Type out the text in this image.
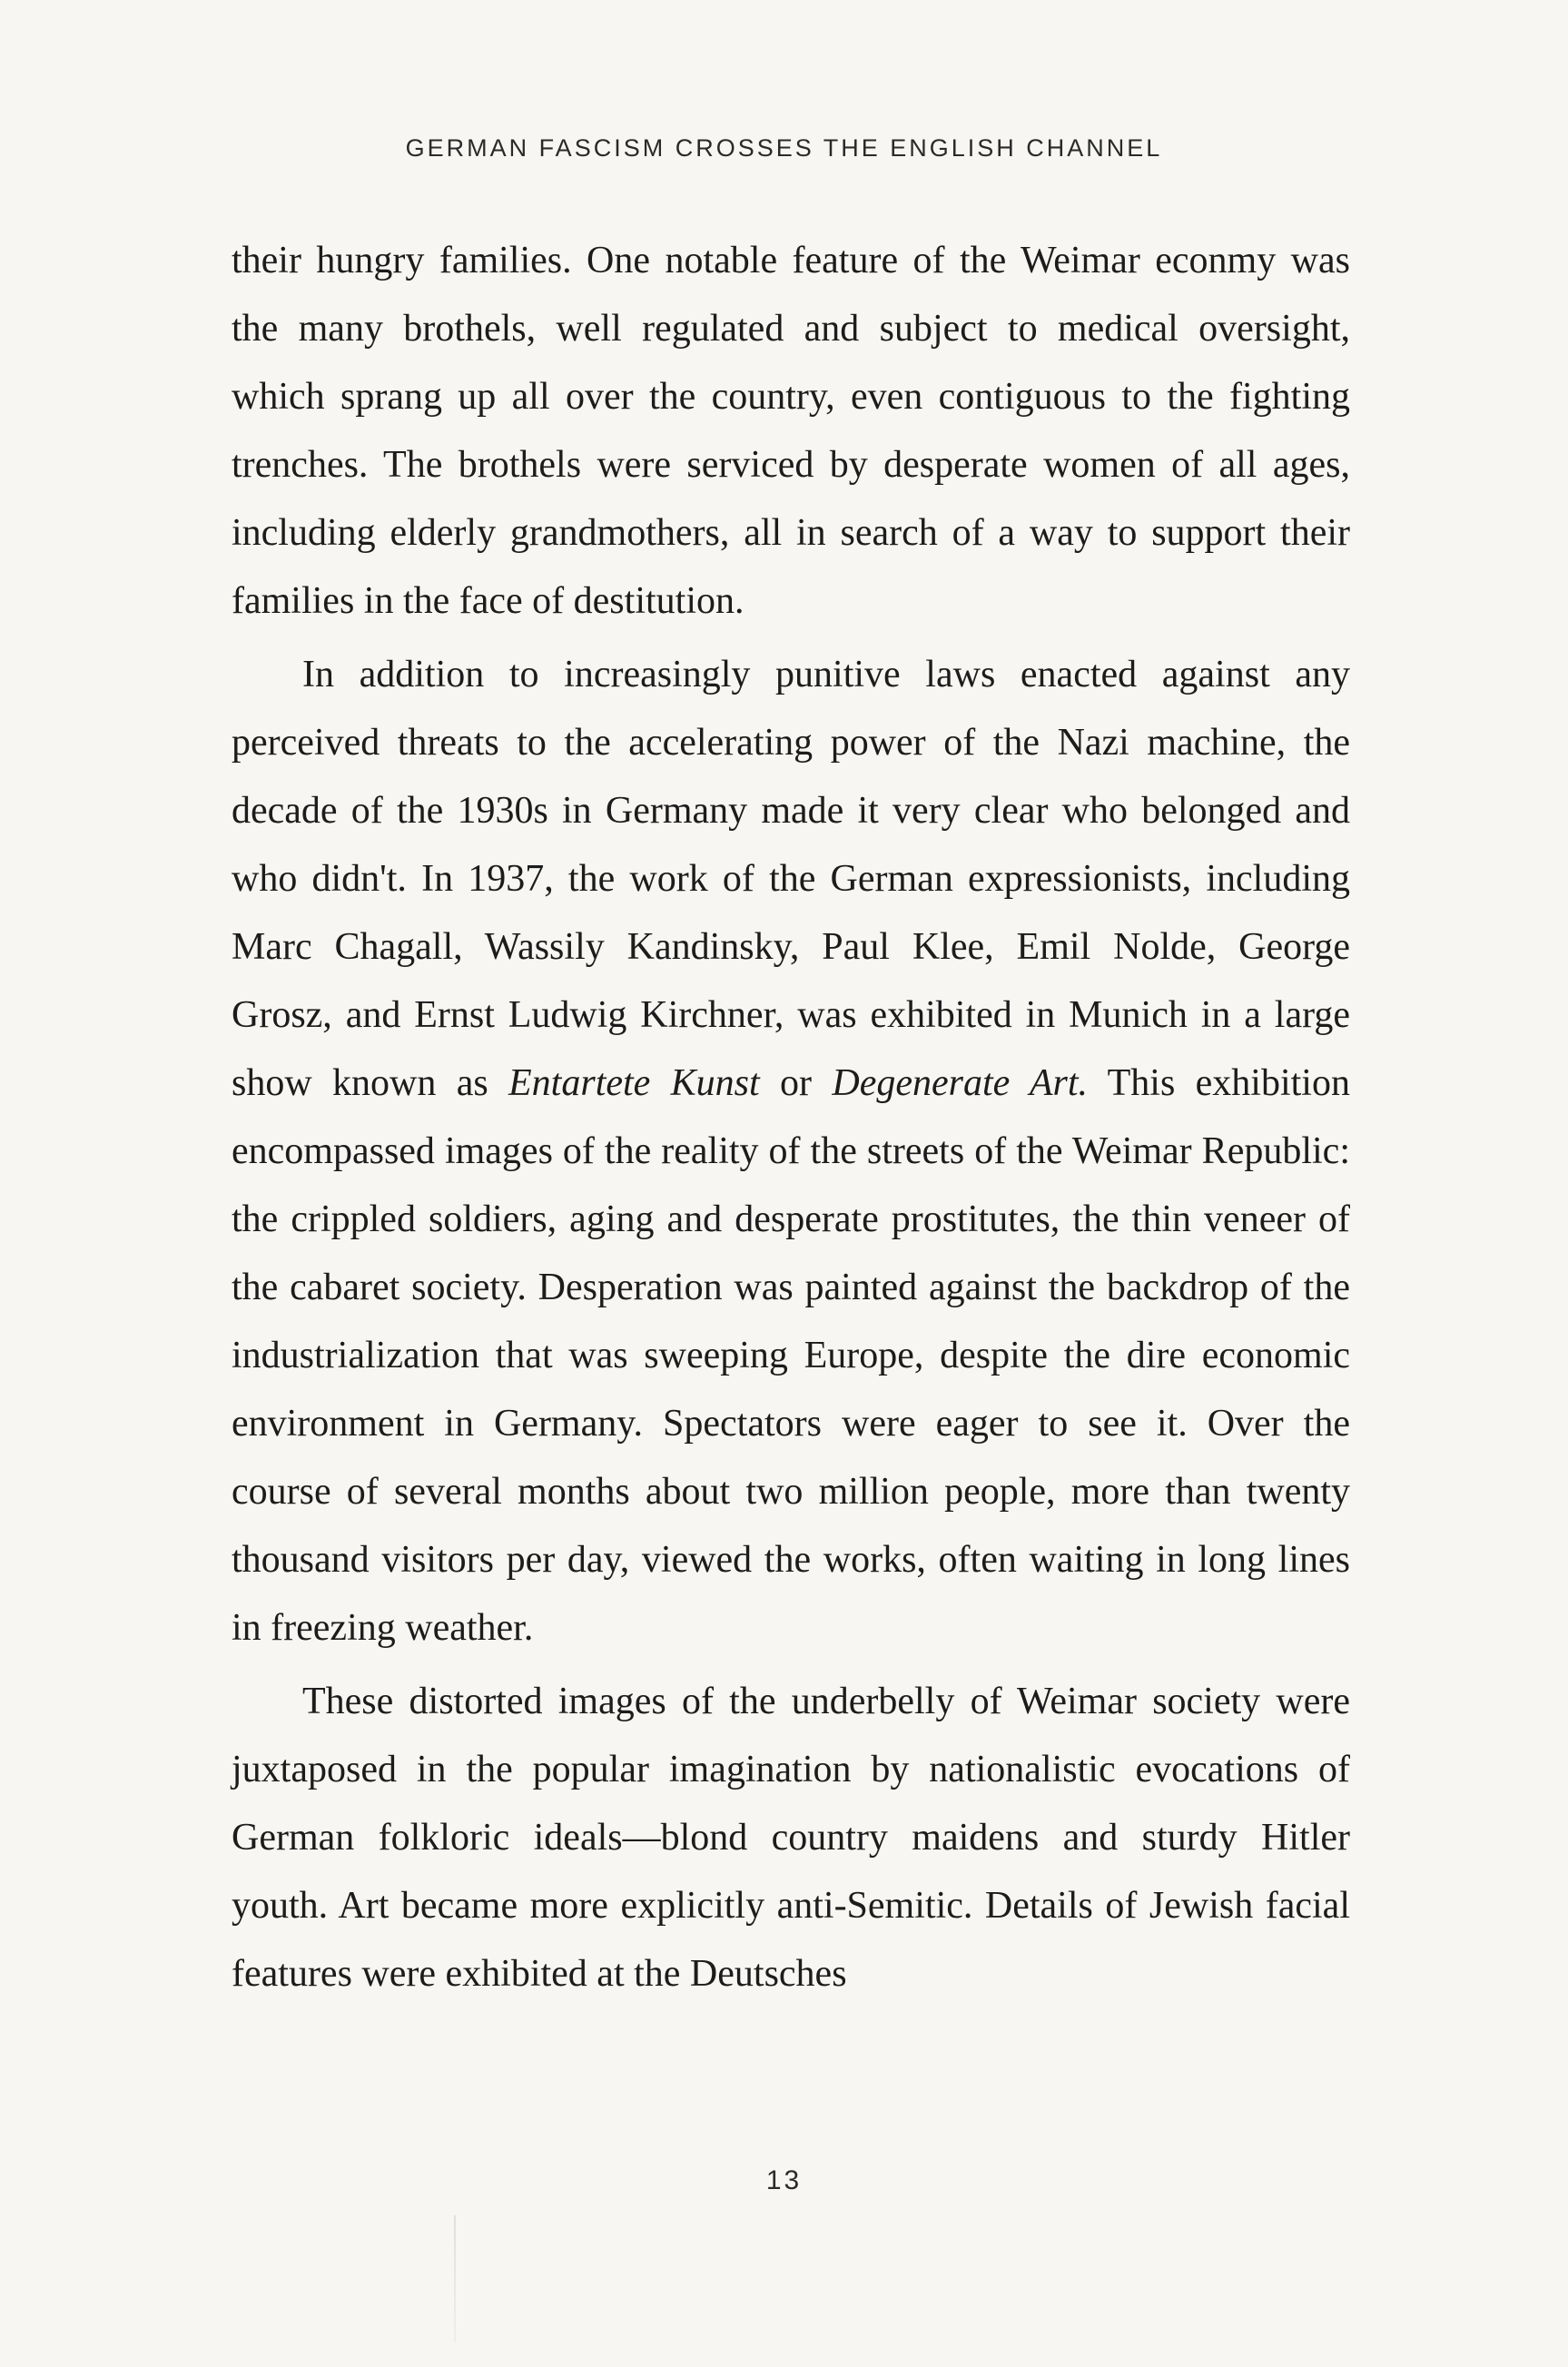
GERMAN FASCISM CROSSES THE ENGLISH CHANNEL

their hungry families. One notable feature of the Weimar econmy was the many brothels, well regulated and subject to medical oversight, which sprang up all over the country, even contiguous to the fighting trenches. The brothels were serviced by desperate women of all ages, including elderly grandmothers, all in search of a way to support their families in the face of destitution.

In addition to increasingly punitive laws enacted against any perceived threats to the accelerating power of the Nazi machine, the decade of the 1930s in Germany made it very clear who belonged and who didn't. In 1937, the work of the German expressionists, including Marc Chagall, Wassily Kandinsky, Paul Klee, Emil Nolde, George Grosz, and Ernst Ludwig Kirchner, was exhibited in Munich in a large show known as Entartete Kunst or Degenerate Art. This exhibition encompassed images of the reality of the streets of the Weimar Republic: the crippled soldiers, aging and desperate prostitutes, the thin veneer of the cabaret society. Desperation was painted against the backdrop of the industrialization that was sweeping Europe, despite the dire economic environment in Germany. Spectators were eager to see it. Over the course of several months about two million people, more than twenty thousand visitors per day, viewed the works, often waiting in long lines in freezing weather.

These distorted images of the underbelly of Weimar society were juxtaposed in the popular imagination by nationalistic evocations of German folkloric ideals—blond country maidens and sturdy Hitler youth. Art became more explicitly anti-Semitic. Details of Jewish facial features were exhibited at the Deutsches

13
